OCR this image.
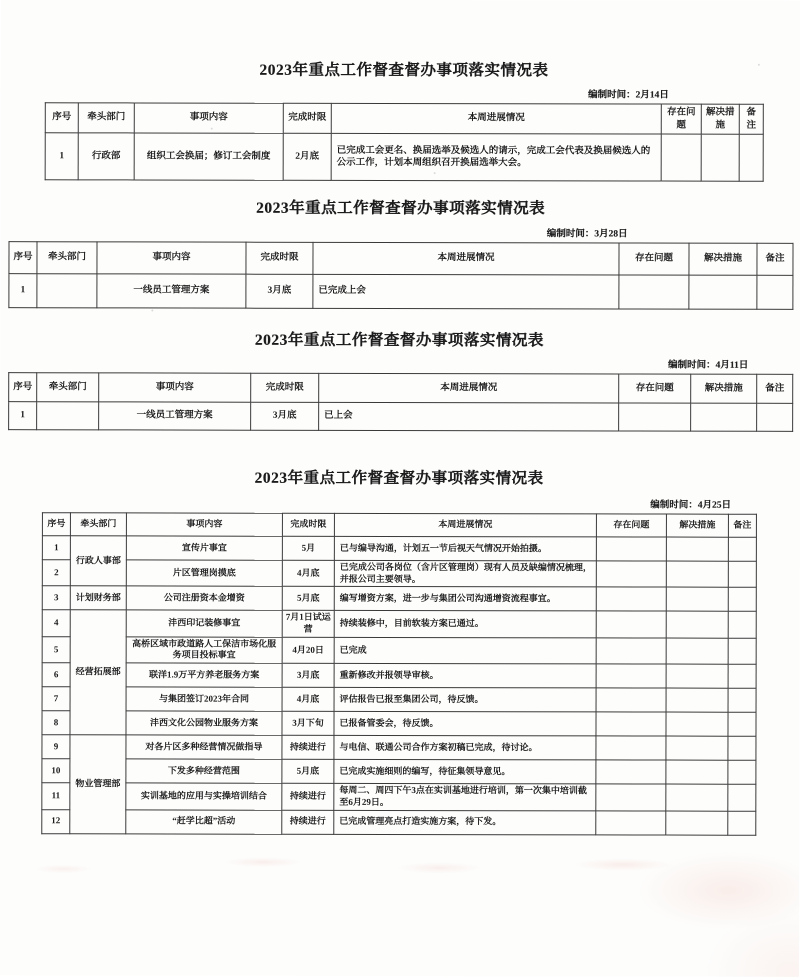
2023年重点工作督查督办事项落实情况表
编制时间：2月14日
序号	牵头部门	事项内容	完成时限	本周进展情况	存在问题	解决措施	备注
1	行政部	组织工会换届；修订工会制度	2月底	已完成工会更名、换届选举及候选人的请示，完成工会代表及换届候选人的公示工作，计划本周组织召开换届选举大会。			
2023年重点工作督查督办事项落实情况表
编制时间：3月28日
序号	牵头部门	事项内容	完成时限	本周进展情况	存在问题	解决措施	备注
1		一线员工管理方案	3月底	已完成上会			
2023年重点工作督查督办事项落实情况表
编制时间：4月11日
序号	牵头部门	事项内容	完成时限	本周进展情况	存在问题	解决措施	备注
1		一线员工管理方案	3月底	已上会			
2023年重点工作督查督办事项落实情况表
编制时间：4月25日
序号	牵头部门	事项内容	完成时限	本周进展情况	存在问题	解决措施	备注
1	行政人事部	宣传片事宜	5月	已与编导沟通，计划五一节后视天气情况开始拍摄。			
2		片区管理岗摸底	4月底	已完成公司各岗位（含片区管理岗）现有人员及缺编情况梳理，并报公司主要领导。			
3	计划财务部	公司注册资本金增资	5月底	编写增资方案，进一步与集团公司沟通增资流程事宜。			
4	经营拓展部	沣西印记装修事宜	7月1日试运营	持续装修中，目前软装方案已通过。			
5		高桥区域市政道路人工保洁市场化服务项目投标事宜	4月20日	已完成			
6		联洋1.9万平方养老服务方案	3月底	重新修改并报领导审核。			
7		与集团签订2023年合同	4月底	评估报告已报至集团公司，待反馈。			
8		沣西文化公园物业服务方案	3月下旬	已报备管委会，待反馈。			
9	物业管理部	对各片区多种经营情况做指导	持续进行	与电信、联通公司合作方案初稿已完成，待讨论。			
10		下发多种经营范围	5月底	已完成实施细则的编写，待征集领导意见。			
11		实训基地的应用与实操培训结合	持续进行	每周二、周四下午3点在实训基地进行培训，第一次集中培训截至6月29日。			
12		“赶学比超”活动	持续进行	已完成管理亮点打造实施方案，待下发。			
